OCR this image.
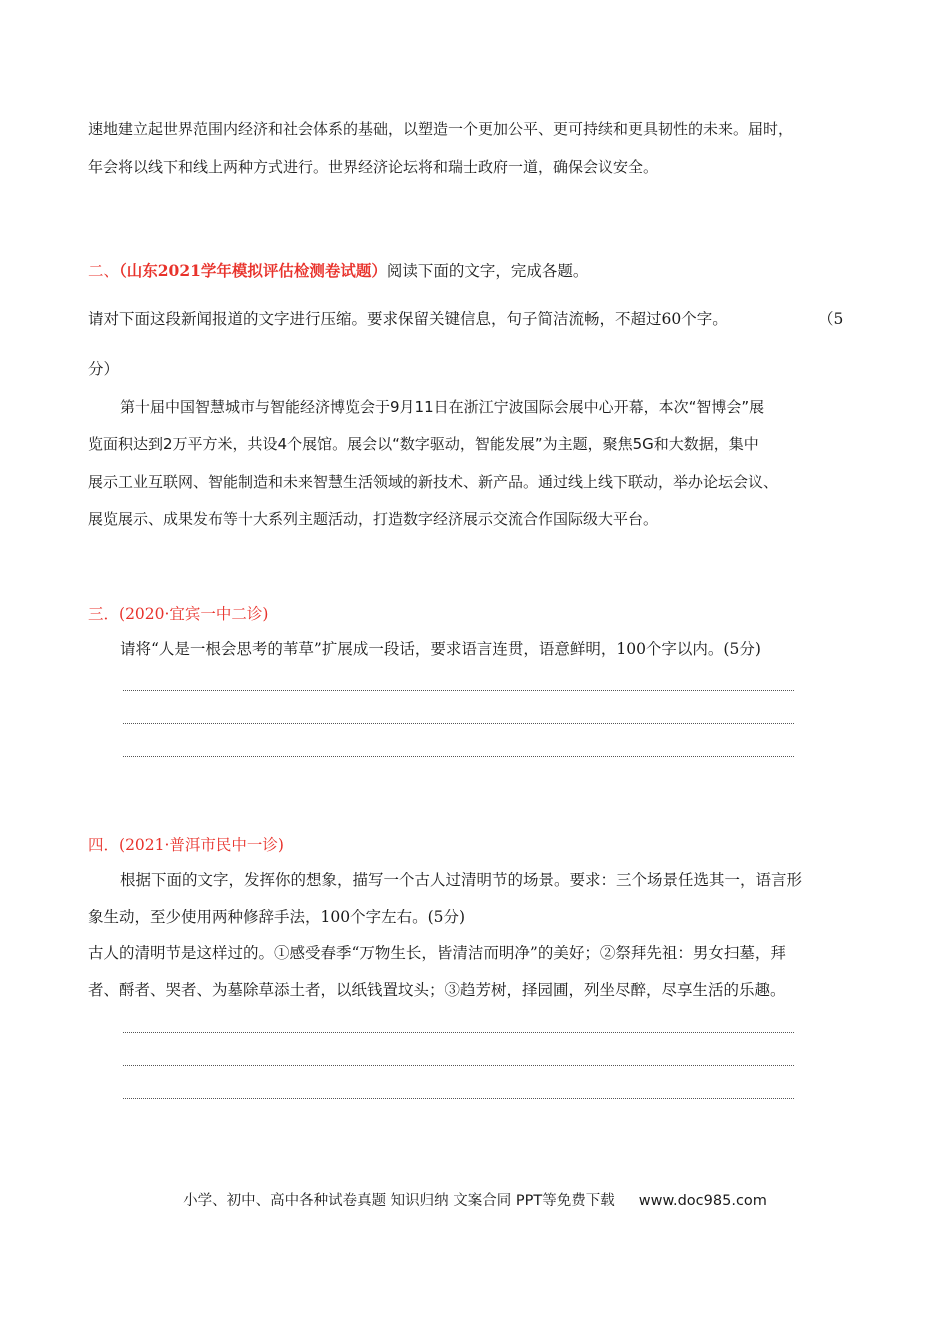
速地建立起世界范围内经济和社会体系的基础，以塑造一个更加公平、更可持续和更具韧性的未来。届时，
年会将以线下和线上两种方式进行。世界经济论坛将和瑞士政府一道，确保会议安全。
二、（山东2021学年模拟评估检测卷试题）阅读下面的文字，完成各题。
请对下面这段新闻报道的文字进行压缩。要求保留关键信息，句子简洁流畅，不超过60个字。	（5
分）
第十届中国智慧城市与智能经济博览会于9月11日在浙江宁波国际会展中心开幕，本次“智博会”展
览面积达到2万平方米，共设4个展馆。展会以“数字驱动，智能发展”为主题，聚焦5G和大数据，集中
展示工业互联网、智能制造和未来智慧生活领域的新技术、新产品。通过线上线下联动，举办论坛会议、
展览展示、成果发布等十大系列主题活动，打造数字经济展示交流合作国际级大平台。
三．(2020·宜宾一中二诊)
请将“人是一根会思考的苇草”扩展成一段话，要求语言连贯，语意鲜明，100个字以内。(5分)
四．(2021·普洱市民中一诊)
根据下面的文字，发挥你的想象，描写一个古人过清明节的场景。要求：三个场景任选其一，语言形
象生动，至少使用两种修辞手法，100个字左右。(5分)
古人的清明节是这样过的。①感受春季“万物生长，皆清洁而明净”的美好；②祭拜先祖：男女扫墓，拜
者、酹者、哭者、为墓除草添土者，以纸钱置坟头；③趋芳树，择园圃，列坐尽醉，尽享生活的乐趣。
小学、初中、高中各种试卷真题 知识归纳 文案合同 PPT等免费下载 www.doc985.com
